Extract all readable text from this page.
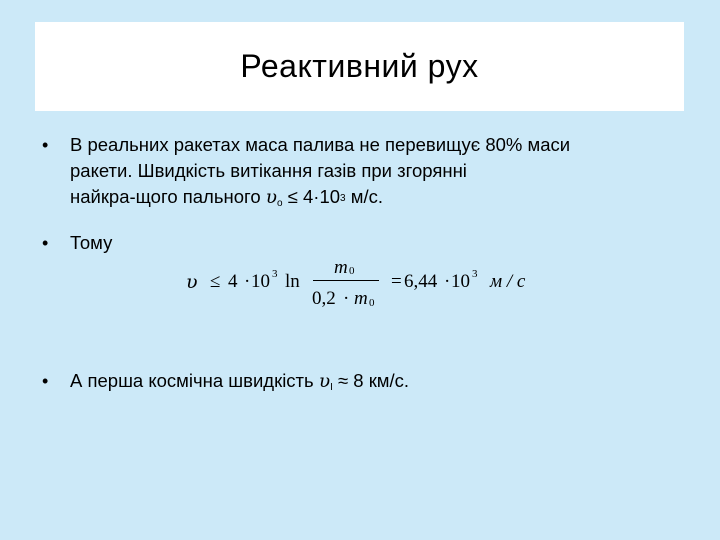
Реактивний рух
• В реальних ракетах маса палива не перевищує 80% маси
ракети. Швидкість витікання газів при згорянні
найкра-щого пального $\upsilon_o \le 4\cdot 10^3$ м/с.
• Тому
• А перша космічна швидкість $\upsilon_I \approx 8$ км/с.
υ ≤ 4 · 10 3 ln
m 0
0,2 · m 0
= 6,44 · 10 3 м / с
